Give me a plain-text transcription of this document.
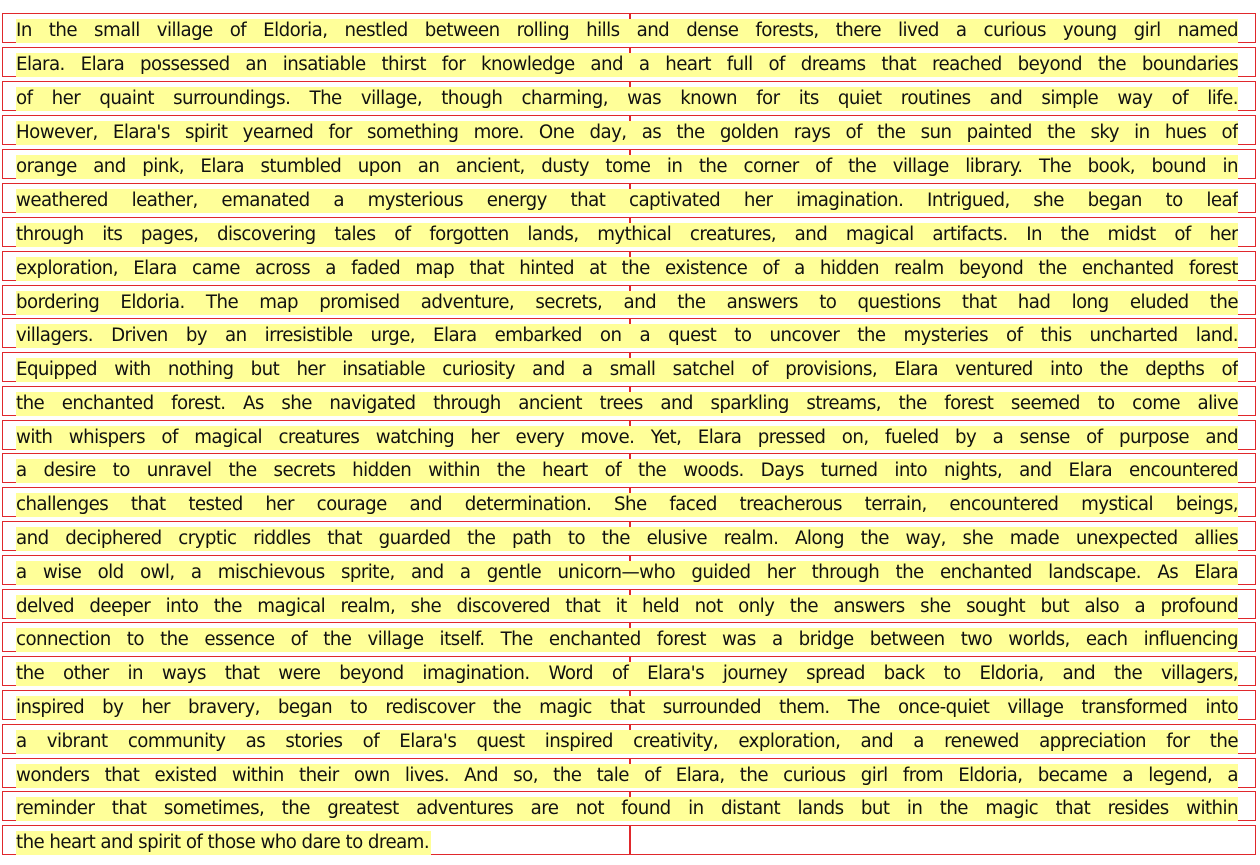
In the small village of Eldoria, nestled between rolling hills and dense forests, there lived a curious young girl named
Elara. Elara possessed an insatiable thirst for knowledge and a heart full of dreams that reached beyond the boundaries
of her quaint surroundings. The village, though charming, was known for its quiet routines and simple way of life.
However, Elara's spirit yearned for something more. One day, as the golden rays of the sun painted the sky in hues of
orange and pink, Elara stumbled upon an ancient, dusty tome in the corner of the village library. The book, bound in
weathered leather, emanated a mysterious energy that captivated her imagination. Intrigued, she began to leaf
through its pages, discovering tales of forgotten lands, mythical creatures, and magical artifacts. In the midst of her
exploration, Elara came across a faded map that hinted at the existence of a hidden realm beyond the enchanted forest
bordering Eldoria. The map promised adventure, secrets, and the answers to questions that had long eluded the
villagers. Driven by an irresistible urge, Elara embarked on a quest to uncover the mysteries of this uncharted land.
Equipped with nothing but her insatiable curiosity and a small satchel of provisions, Elara ventured into the depths of
the enchanted forest. As she navigated through ancient trees and sparkling streams, the forest seemed to come alive
with whispers of magical creatures watching her every move. Yet, Elara pressed on, fueled by a sense of purpose and
a desire to unravel the secrets hidden within the heart of the woods. Days turned into nights, and Elara encountered
challenges that tested her courage and determination. She faced treacherous terrain, encountered mystical beings,
and deciphered cryptic riddles that guarded the path to the elusive realm. Along the way, she made unexpected allies
a wise old owl, a mischievous sprite, and a gentle unicorn—who guided her through the enchanted landscape. As Elara
delved deeper into the magical realm, she discovered that it held not only the answers she sought but also a profound
connection to the essence of the village itself. The enchanted forest was a bridge between two worlds, each influencing
the other in ways that were beyond imagination. Word of Elara's journey spread back to Eldoria, and the villagers,
inspired by her bravery, began to rediscover the magic that surrounded them. The once-quiet village transformed into
a vibrant community as stories of Elara's quest inspired creativity, exploration, and a renewed appreciation for the
wonders that existed within their own lives. And so, the tale of Elara, the curious girl from Eldoria, became a legend, a
reminder that sometimes, the greatest adventures are not found in distant lands but in the magic that resides within
the heart and spirit of those who dare to dream.
